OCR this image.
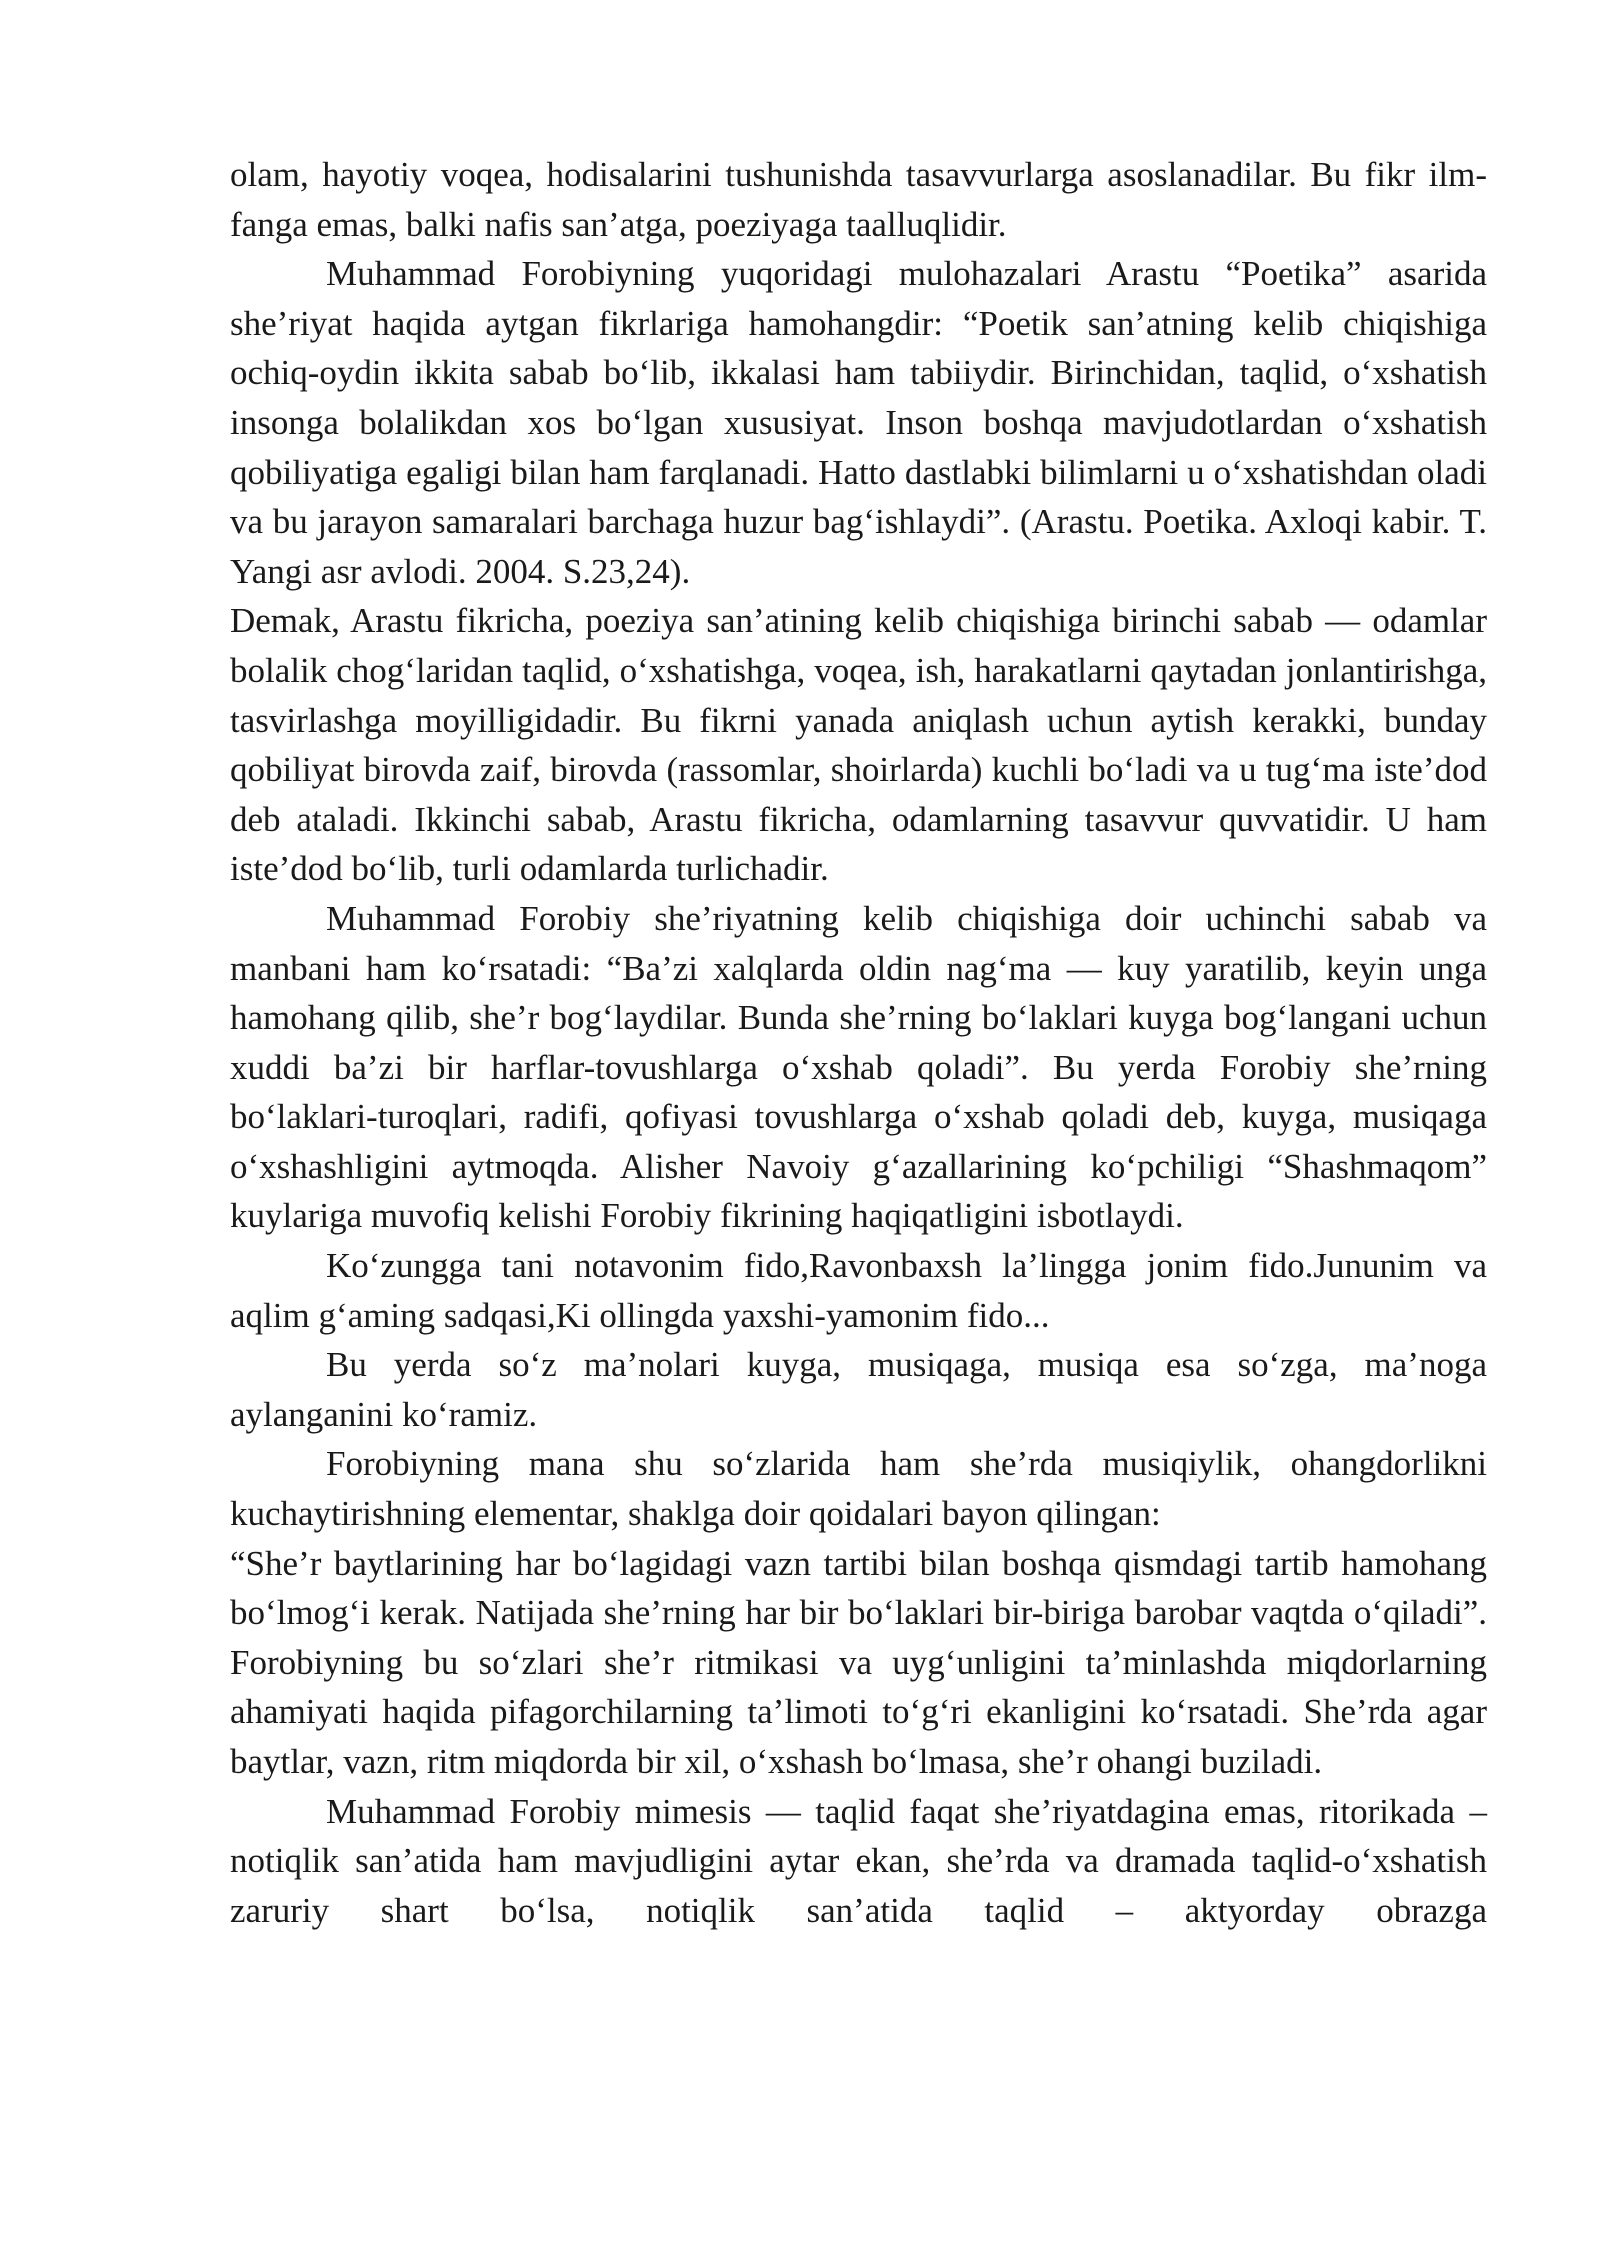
olam, hayotiy voqea, hodisalarini tushunishda tasavvurlarga asoslanadilar. Bu fikr ilm-fanga emas, balki nafis san’atga, poeziyaga taalluqlidir.

Muhammad Forobiyning yuqoridagi mulohazalari Arastu “Poetika” asarida she’riyat haqida aytgan fikrlariga hamohangdir: “Poetik san’atning kelib chiqishiga ochiq-oydin ikkita sabab bo‘lib, ikkalasi ham tabiiydir. Birinchidan, taqlid, o‘xshatish insonga bolalikdan xos bo‘lgan xususiyat. Inson boshqa mavjudotlardan o‘xshatish qobiliyatiga egaligi bilan ham farqlanadi. Hatto dastlabki bilimlarni u o‘xshatishdan oladi va bu jarayon samaralari barchaga huzur bag‘ishlaydi”. (Arastu. Poetika. Axloqi kabir. T. Yangi asr avlodi. 2004. S.23,24).

Demak, Arastu fikricha, poeziya san’atining kelib chiqishiga birinchi sabab — odamlar bolalik chog‘laridan taqlid, o‘xshatishga, voqea, ish, harakatlarni qaytadan jonlantirishga, tasvirlashga moyilligidadir. Bu fikrni yanada aniqlash uchun aytish kerakki, bunday qobiliyat birovda zaif, birovda (rassomlar, shoirlarda) kuchli bo‘ladi va u tug‘ma iste’dod deb ataladi. Ikkinchi sabab, Arastu fikricha, odamlarning tasavvur quvvatidir. U ham iste’dod bo‘lib, turli odamlarda turlichadir.

Muhammad Forobiy she’riyatning kelib chiqishiga doir uchinchi sabab va manbani ham ko‘rsatadi: “Ba’zi xalqlarda oldin nag‘ma — kuy yaratilib, keyin unga hamohang qilib, she’r bog‘laydilar. Bunda she’rning bo‘laklari kuyga bog‘langani uchun xuddi ba’zi bir harflar-tovushlarga o‘xshab qoladi”. Bu yerda Forobiy she’rning bo‘laklari-turoqlari, radifi, qofiyasi tovushlarga o‘xshab qoladi deb, kuyga, musiqaga o‘xshashligini aytmoqda. Alisher Navoiy g‘azallarining ko‘pchiligi “Shashmaqom” kuylariga muvofiq kelishi Forobiy fikrining haqiqatligini isbotlaydi.

Ko‘zungga tani notavonim fido,Ravonbaxsh la’lingga jonim fido.Jununim va aqlim g‘aming sadqasi,Ki ollingda yaxshi-yamonim fido...

Bu yerda so‘z ma’nolari kuyga, musiqaga, musiqa esa so‘zga, ma’noga aylanganini ko‘ramiz.

Forobiyning mana shu so‘zlarida ham she’rda musiqiylik, ohangdorlikni kuchaytirishning elementar, shaklga doir qoidalari bayon qilingan:

“She’r baytlarining har bo‘lagidagi vazn tartibi bilan boshqa qismdagi tartib hamohang bo‘lmog‘i kerak. Natijada she’rning har bir bo‘laklari bir-biriga barobar vaqtda o‘qiladi”. Forobiyning bu so‘zlari she’r ritmikasi va uyg‘unligini ta’minlashda miqdorlarning ahamiyati haqida pifagorchilarning ta’limoti to‘g‘ri ekanligini ko‘rsatadi. She’rda agar baytlar, vazn, ritm miqdorda bir xil, o‘xshash bo‘lmasa, she’r ohangi buziladi.

Muhammad Forobiy mimesis — taqlid faqat she’riyatdagina emas, ritorikada – notiqlik san’atida ham mavjudligini aytar ekan, she’rda va dramada taqlid-o‘xshatish zaruriy shart bo‘lsa, notiqlik san’atida taqlid – aktyorday obrazga
